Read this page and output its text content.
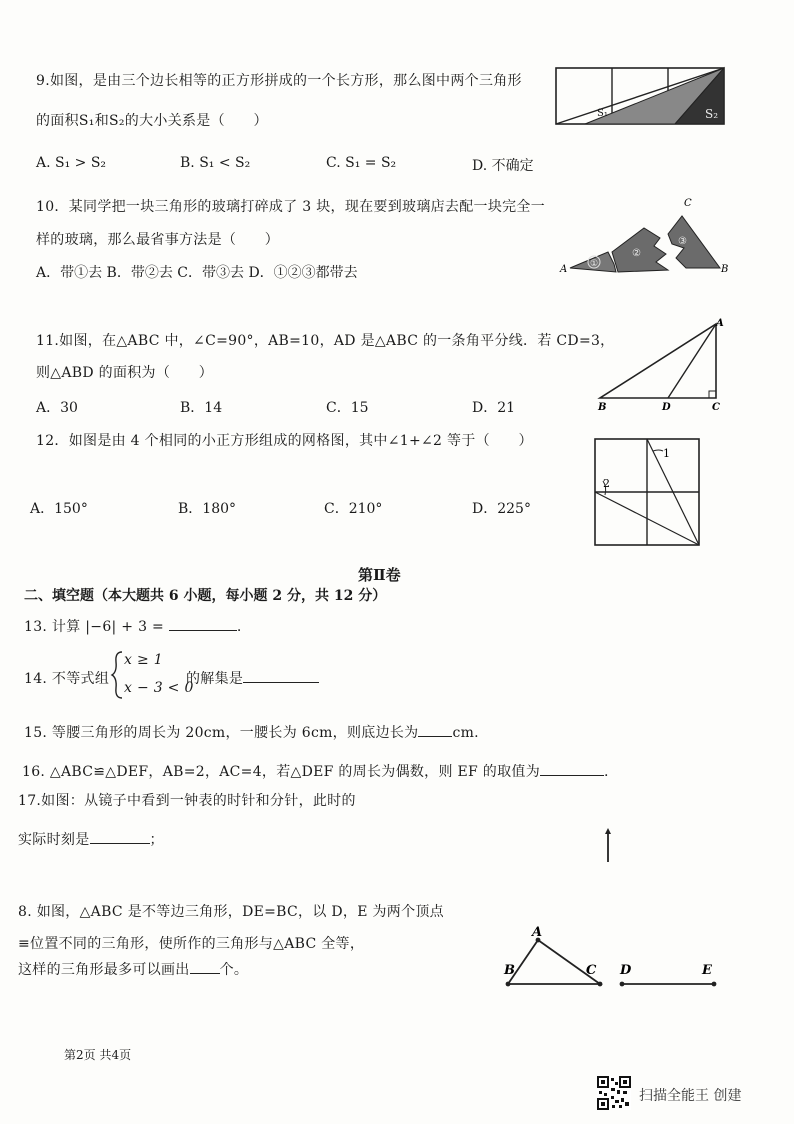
9.如图，是由三个边长相等的正方形拼成的一个长方形，那么图中两个三角形
的面积S₁和S₂的大小关系是（　　）
A. S₁ > S₂	B. S₁ < S₂	C. S₁ = S₂	D. 不确定
S₁	S₂
10．某同学把一块三角形的玻璃打碎成了 3 块，现在要到玻璃店去配一块完全一
样的玻璃，那么最省事方法是（　　）
A．带①去 B．带②去 C．带③去 D．①②③都带去
①
②
③
A	B
C
11.如图，在△ABC 中，∠C=90°，AB=10，AD 是△ABC 的一条角平分线．若 CD=3，
则△ABD 的面积为（　　）
A．30	B．14	C．15	D．21
A
B	D	C
12．如图是由 4 个相同的小正方形组成的网格图，其中∠1+∠2 等于（　　）
A．150°	B．180°	C．210°	D．225°
1
2
第Ⅱ卷
二、填空题（本大题共 6 小题，每小题 2 分，共 12 分）
13. 计算 |−6| + 3 =	.
14. 不等式组
x ≥ 1
x − 3 < 0
的解集是
15. 等腰三角形的周长为 20cm，一腰长为 6cm，则底边长为 cm.
16. △ABC≌△DEF，AB=2，AC=4，若△DEF 的周长为偶数，则 EF 的取值为	.
17.如图：从镜子中看到一钟表的时针和分针，此时的
实际时刻是	；
8. 如图，△ABC 是不等边三角形，DE=BC，以 D，E 为两个顶点
≡位置不同的三角形，使所作的三角形与△ABC 全等，
这样的三角形最多可以画出 个。
A
B	C D	E
第2页 共4页
扫描全能王 创建
